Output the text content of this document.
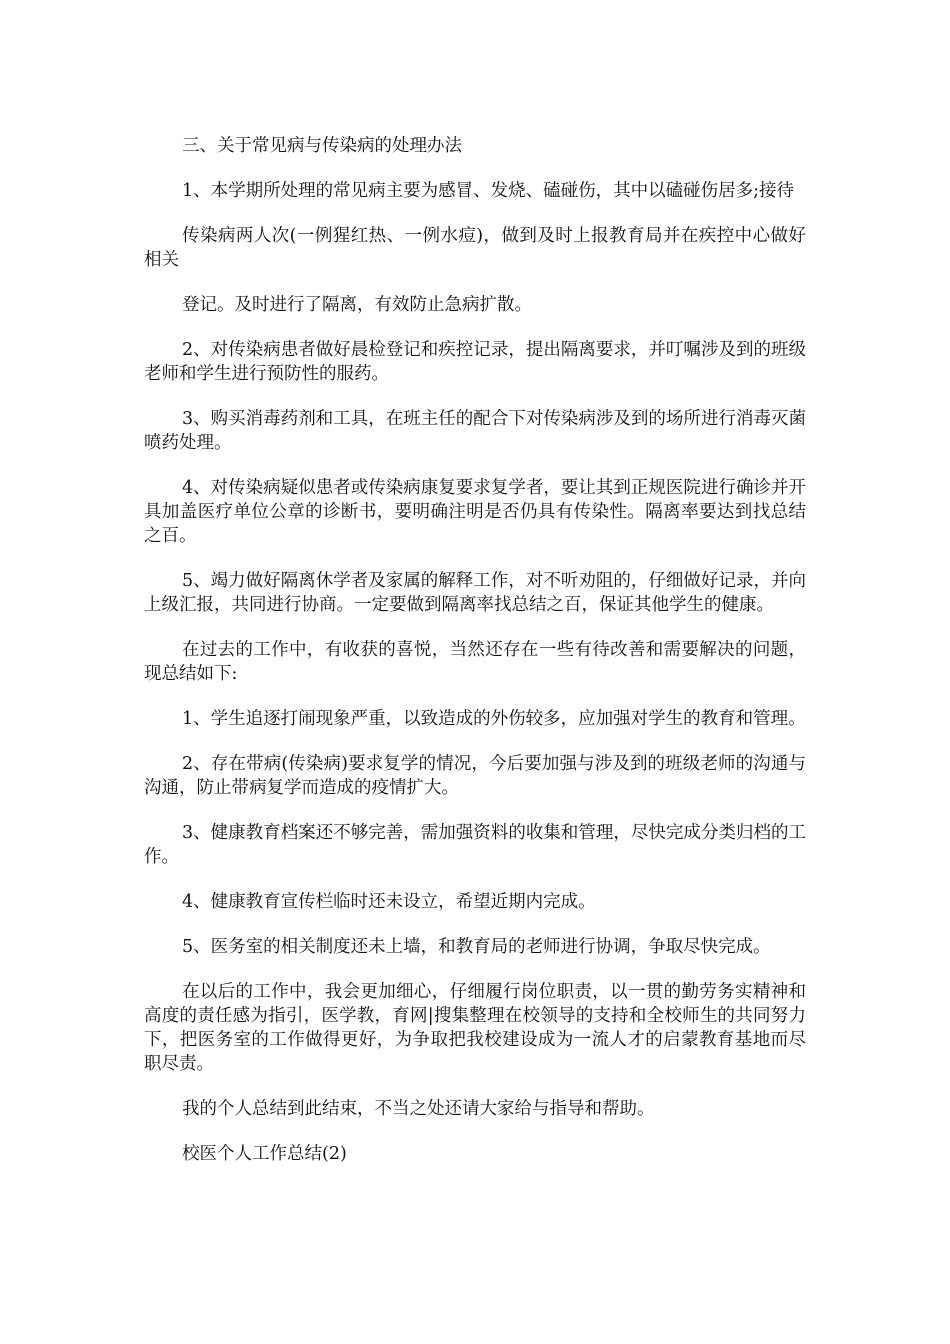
三、关于常见病与传染病的处理办法

1、本学期所处理的常见病主要为感冒、发烧、磕碰伤，其中以磕碰伤居多;接待

传染病两人次(一例猩红热、一例水痘)，做到及时上报教育局并在疾控中心做好相关

登记。及时进行了隔离，有效防止急病扩散。

2、对传染病患者做好晨检登记和疾控记录，提出隔离要求，并叮嘱涉及到的班级老师和学生进行预防性的服药。

3、购买消毒药剂和工具，在班主任的配合下对传染病涉及到的场所进行消毒灭菌喷药处理。

4、对传染病疑似患者或传染病康复要求复学者，要让其到正规医院进行确诊并开具加盖医疗单位公章的诊断书，要明确注明是否仍具有传染性。隔离率要达到找总结之百。

5、竭力做好隔离休学者及家属的解释工作，对不听劝阻的，仔细做好记录，并向上级汇报，共同进行协商。一定要做到隔离率找总结之百，保证其他学生的健康。

在过去的工作中，有收获的喜悦，当然还存在一些有待改善和需要解决的问题，现总结如下:

1、学生追逐打闹现象严重，以致造成的外伤较多，应加强对学生的教育和管理。

2、存在带病(传染病)要求复学的情况，今后要加强与涉及到的班级老师的沟通与沟通，防止带病复学而造成的疫情扩大。

3、健康教育档案还不够完善，需加强资料的收集和管理，尽快完成分类归档的工作。

4、健康教育宣传栏临时还未设立，希望近期内完成。

5、医务室的相关制度还未上墙，和教育局的老师进行协调，争取尽快完成。

在以后的工作中，我会更加细心，仔细履行岗位职责，以一贯的勤劳务实精神和高度的责任感为指引，医学教，育网|搜集整理在校领导的支持和全校师生的共同努力下，把医务室的工作做得更好，为争取把我校建设成为一流人才的启蒙教育基地而尽职尽责。

我的个人总结到此结束，不当之处还请大家给与指导和帮助。

校医个人工作总结(2)
